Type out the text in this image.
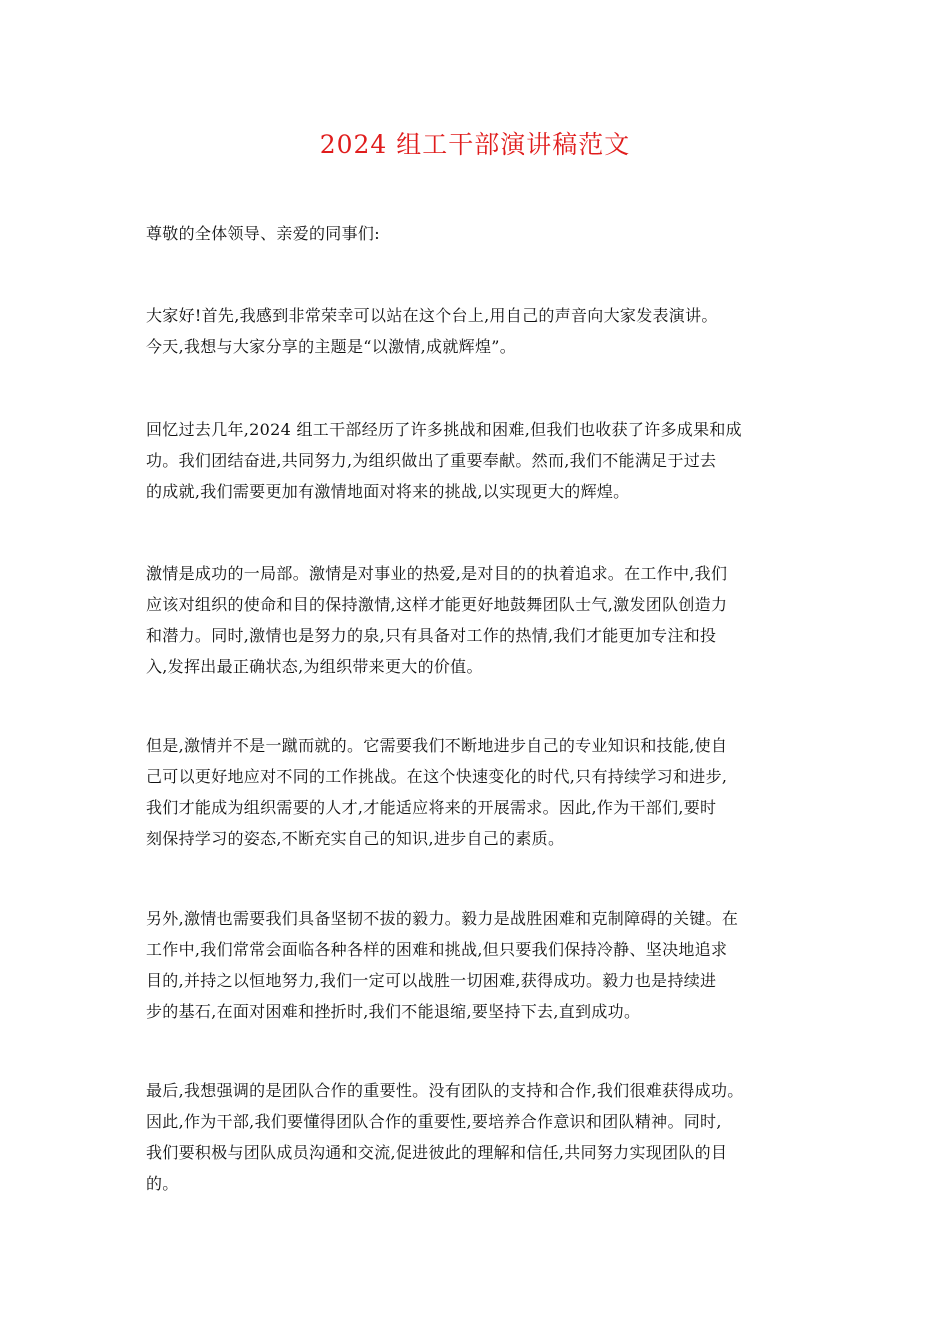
2024 组工干部演讲稿范文

尊敬的全体领导、亲爱的同事们:

大家好!首先,我感到非常荣幸可以站在这个台上,用自己的声音向大家发表演讲。
今天,我想与大家分享的主题是“以激情,成就辉煌”。

回忆过去几年,2024 组工干部经历了许多挑战和困难,但我们也收获了许多成果和成
功。我们团结奋进,共同努力,为组织做出了重要奉献。然而,我们不能满足于过去
的成就,我们需要更加有激情地面对将来的挑战,以实现更大的辉煌。

激情是成功的一局部。激情是对事业的热爱,是对目的的执着追求。在工作中,我们
应该对组织的使命和目的保持激情,这样才能更好地鼓舞团队士气,激发团队创造力
和潜力。同时,激情也是努力的泉,只有具备对工作的热情,我们才能更加专注和投
入,发挥出最正确状态,为组织带来更大的价值。

但是,激情并不是一蹴而就的。它需要我们不断地进步自己的专业知识和技能,使自
己可以更好地应对不同的工作挑战。在这个快速变化的时代,只有持续学习和进步,
我们才能成为组织需要的人才,才能适应将来的开展需求。因此,作为干部们,要时
刻保持学习的姿态,不断充实自己的知识,进步自己的素质。

另外,激情也需要我们具备坚韧不拔的毅力。毅力是战胜困难和克制障碍的关键。在
工作中,我们常常会面临各种各样的困难和挑战,但只要我们保持冷静、坚决地追求
目的,并持之以恒地努力,我们一定可以战胜一切困难,获得成功。毅力也是持续进
步的基石,在面对困难和挫折时,我们不能退缩,要坚持下去,直到成功。

最后,我想强调的是团队合作的重要性。没有团队的支持和合作,我们很难获得成功。
因此,作为干部,我们要懂得团队合作的重要性,要培养合作意识和团队精神。同时,
我们要积极与团队成员沟通和交流,促进彼此的理解和信任,共同努力实现团队的目
的。
